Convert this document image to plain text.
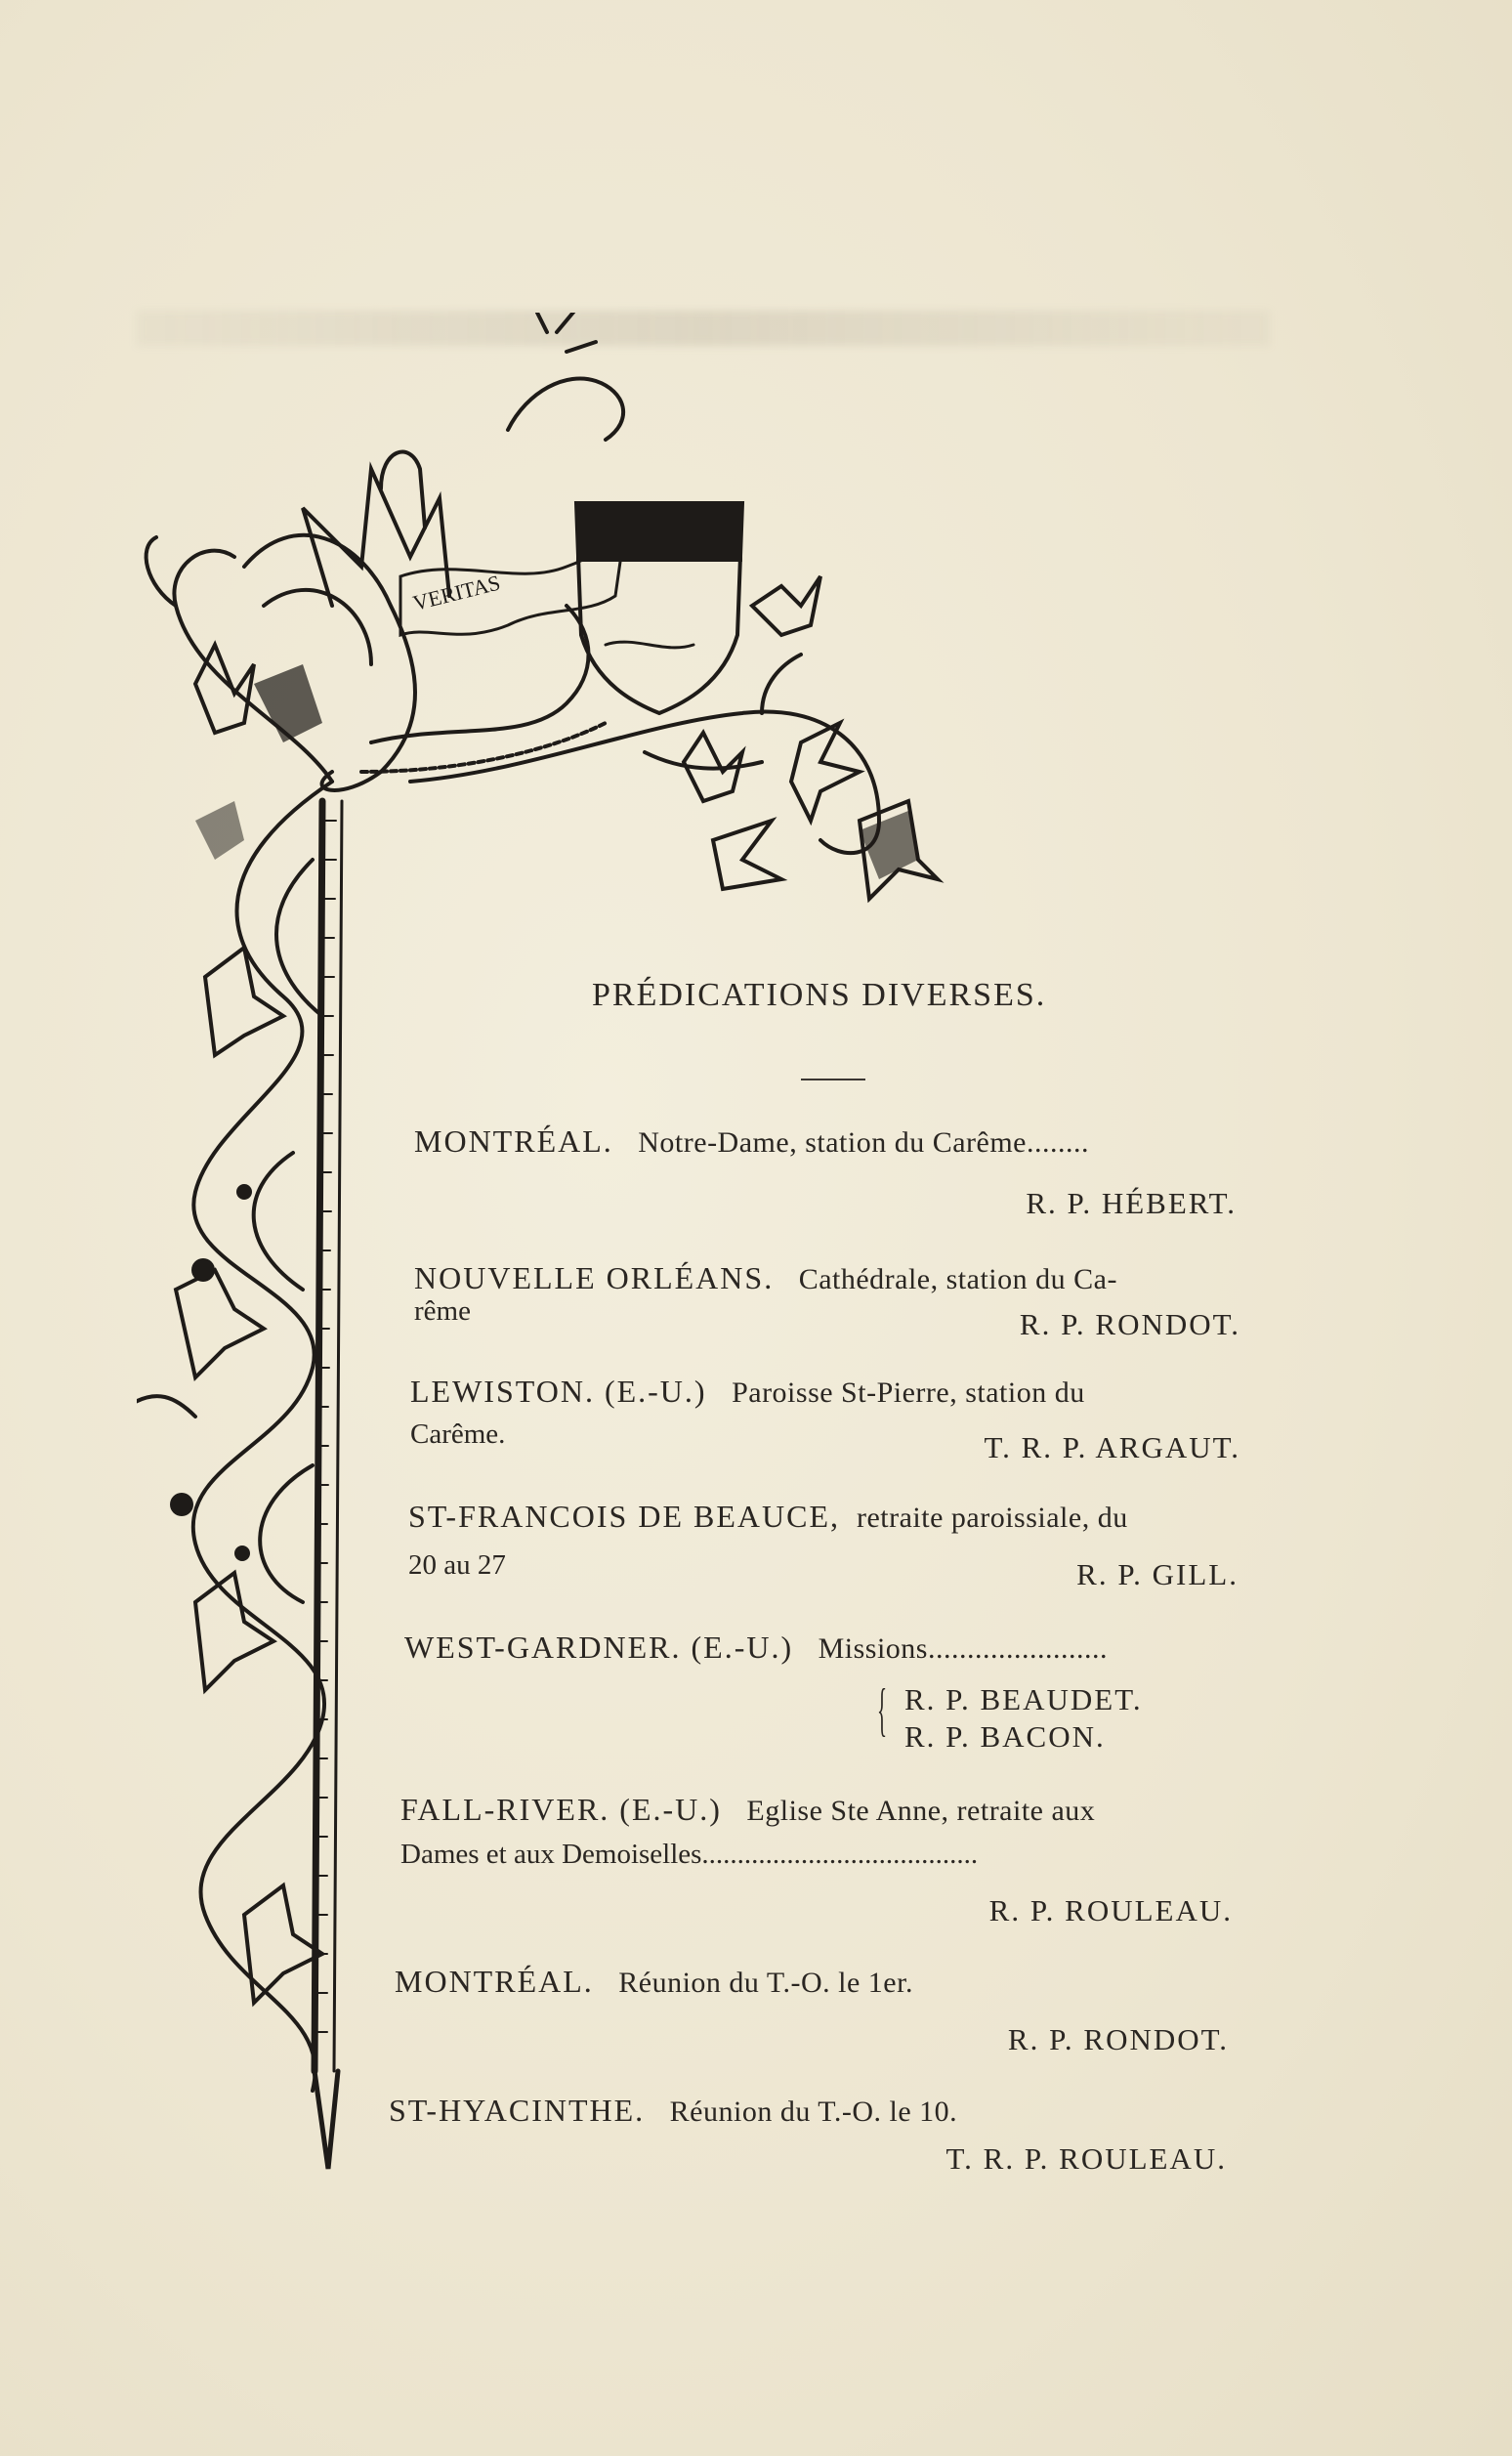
VERITAS
PRÉDICATIONS DIVERSES.
MONTRÉAL. Notre-Dame, station du Carême........
R. P. HÉBERT.
NOUVELLE ORLÉANS. Cathédrale, station du Ca-
rême	R. P. RONDOT.
LEWISTON. (E.-U.) Paroisse St-Pierre, station du
Carême.	T. R. P. ARGAUT.
ST-FRANCOIS DE BEAUCE, retraite paroissiale, du
20 au 27	R. P. GILL.
WEST-GARDNER. (E.-U.) Missions.......................
{ R. P. BEAUDET.
R. P. BACON.
FALL-RIVER. (E.-U.) Eglise Ste Anne, retraite aux
Dames et aux Demoiselles.......................................
R. P. ROULEAU.
MONTRÉAL. Réunion du T.-O. le 1er.
R. P. RONDOT.
ST-HYACINTHE. Réunion du T.-O. le 10.
T. R. P. ROULEAU.
